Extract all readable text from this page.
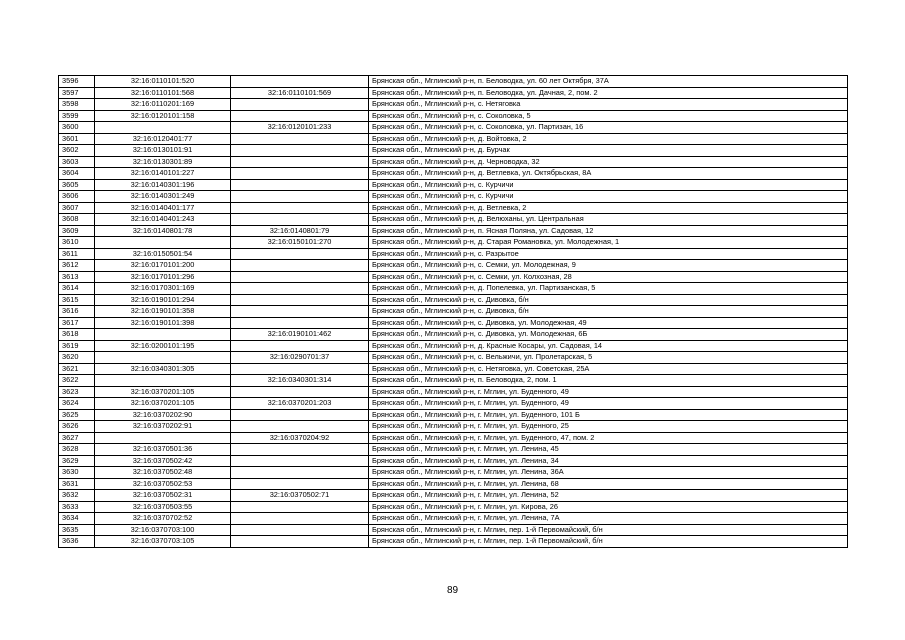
3596	32:16:0110101:520		Брянская обл., Мглинский р-н, п. Беловодка, ул. 60 лет Октября, 37А
3597	32:16:0110101:568	32:16:0110101:569	Брянская обл., Мглинский р-н, п. Беловодка, ул. Дачная, 2, пом. 2
3598	32:16:0110201:169		Брянская обл., Мглинский р-н, с. Нетяговка
3599	32:16:0120101:158		Брянская обл., Мглинский р-н, с. Соколовка, 5
3600		32:16:0120101:233	Брянская обл., Мглинский р-н, с. Соколовка, ул. Партизан, 16
3601	32:16:0120401:77		Брянская обл., Мглинский р-н, д. Войтовка, 2
3602	32:16:0130101:91		Брянская обл., Мглинский р-н, д. Бурчак
3603	32:16:0130301:89		Брянская обл., Мглинский р-н, д. Черноводка, 32
3604	32:16:0140101:227		Брянская обл., Мглинский р-н, д. Ветлевка, ул. Октябрьская, 8А
3605	32:16:0140301:196		Брянская обл., Мглинский р-н, с. Курчичи
3606	32:16:0140301:249		Брянская обл., Мглинский р-н, с. Курчичи
3607	32:16:0140401:177		Брянская обл., Мглинский р-н, д. Ветлевка, 2
3608	32:16:0140401:243		Брянская обл., Мглинский р-н, д. Велюханы, ул. Центральная
3609	32:16:0140801:78	32:16:0140801:79	Брянская обл., Мглинский р-н, п. Ясная Поляна, ул. Садовая, 12
3610		32:16:0150101:270	Брянская обл., Мглинский р-н, д. Старая Романовка, ул. Молодежная, 1
3611	32:16:0150501:54		Брянская обл., Мглинский р-н, с. Разрытое
3612	32:16:0170101:200		Брянская обл., Мглинский р-н, с. Семки, ул. Молодежная, 9
3613	32:16:0170101:296		Брянская обл., Мглинский р-н, с. Семки, ул. Колхозная, 28
3614	32:16:0170301:169		Брянская обл., Мглинский р-н, д. Попелевка, ул. Партизанская, 5
3615	32:16:0190101:294		Брянская обл., Мглинский р-н, с. Дивовка, б/н
3616	32:16:0190101:358		Брянская обл., Мглинский р-н, с. Дивовка, б/н
3617	32:16:0190101:398		Брянская обл., Мглинский р-н, с. Дивовка, ул. Молодежная, 49
3618		32:16:0190101:462	Брянская обл., Мглинский р-н, с. Дивовка, ул. Молодежная, 6Б
3619	32:16:0200101:195		Брянская обл., Мглинский р-н, д. Красные Косары, ул. Садовая, 14
3620		32:16:0290701:37	Брянская обл., Мглинский р-н, с. Вельжичи, ул. Пролетарская, 5
3621	32:16:0340301:305		Брянская обл., Мглинский р-н, с. Нетяговка, ул. Советская, 25А
3622		32:16:0340301:314	Брянская обл., Мглинский р-н, п. Беловодка, 2, пом. 1
3623	32:16:0370201:105		Брянская обл., Мглинский р-н, г. Мглин, ул. Буденного, 49
3624	32:16:0370201:105	32:16:0370201:203	Брянская обл., Мглинский р-н, г. Мглин, ул. Буденного, 49
3625	32:16:0370202:90		Брянская обл., Мглинский р-н, г. Мглин, ул. Буденного, 101 Б
3626	32:16:0370202:91		Брянская обл., Мглинский р-н, г. Мглин, ул. Буденного, 25
3627		32:16:0370204:92	Брянская обл., Мглинский р-н, г. Мглин, ул. Буденного, 47, пом. 2
3628	32:16:0370501:36		Брянская обл., Мглинский р-н, г. Мглин, ул. Ленина, 45
3629	32:16:0370502:42		Брянская обл., Мглинский р-н, г. Мглин, ул. Ленина, 34
3630	32:16:0370502:48		Брянская обл., Мглинский р-н, г. Мглин, ул. Ленина, 36А
3631	32:16:0370502:53		Брянская обл., Мглинский р-н, г. Мглин, ул. Ленина, 68
3632	32:16:0370502:31	32:16:0370502:71	Брянская обл., Мглинский р-н, г. Мглин, ул. Ленина, 52
3633	32:16:0370503:55		Брянская обл., Мглинский р-н, г. Мглин, ул. Кирова, 26
3634	32:16:0370702:52		Брянская обл., Мглинский р-н, г. Мглин, ул. Ленина, 7А
3635	32:16:0370703:100		Брянская обл., Мглинский р-н, г. Мглин, пер. 1-й Первомайский, б/н
3636	32:16:0370703:105		Брянская обл., Мглинский р-н, г. Мглин, пер. 1-й Первомайский, б/н
89
